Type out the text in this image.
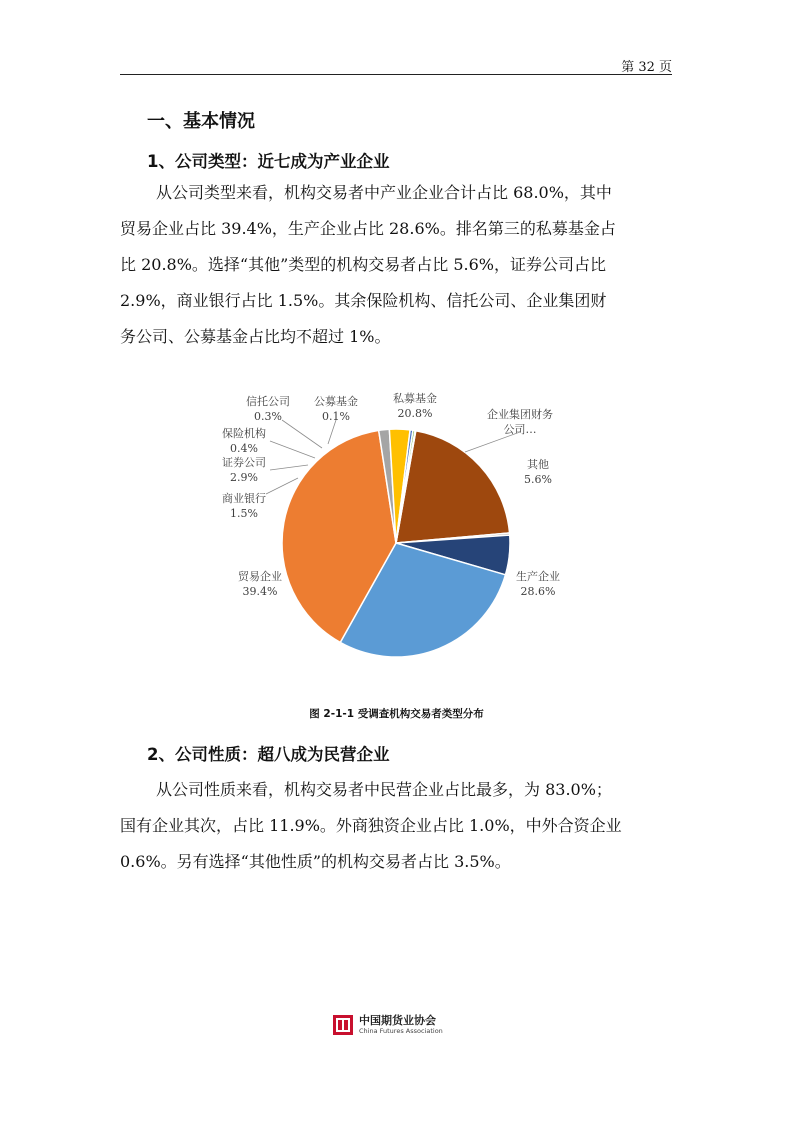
第 32 页
一、基本情况
1、公司类型：近七成为产业企业
从公司类型来看，机构交易者中产业企业合计占比 68.0%，其中
贸易企业占比 39.4%，生产企业占比 28.6%。排名第三的私募基金占
比 20.8%。选择“其他”类型的机构交易者占比 5.6%，证券公司占比
2.9%，商业银行占比 1.5%。其余保险机构、信托公司、企业集团财
务公司、公募基金占比均不超过 1%。
私募基金 20.8%	企业集团财务公司…
其他 5.6%
生产企业 28.6%
贸易企业 39.4%
商业银行 1.5%
证券公司 2.9%
保险机构 0.4%
信托公司 0.3%
公募基金 0.1%
图 2-1-1 受调查机构交易者类型分布
2、公司性质：超八成为民营企业
从公司性质来看，机构交易者中民营企业占比最多，为 83.0%；
国有企业其次，占比 11.9%。外商独资企业占比 1.0%，中外合资企业
0.6%。另有选择“其他性质”的机构交易者占比 3.5%。
中国期货业协会
China Futures Association
